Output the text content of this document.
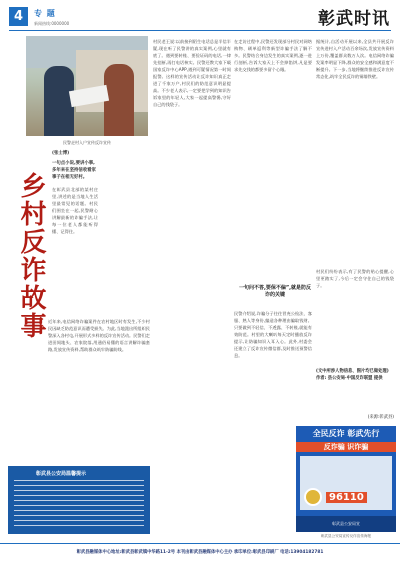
4	专 题
新闻热线:0000000	彰武时讯
民警走村入户宣传反诈宣传
乡村反诈故事
(张士博)
一句点小说,要讲小事,多年来在坚持信收看家事子在相无好村。
在彰武县北部的某村庄里,讲述的是当地人生活里最常见的话题。村民们围坐在一起,民警耐心讲解最新的诈骗手法,让每一位老人都能听得懂、记得住。
近年来,电信网络诈骗案件在农村地区时有发生,不少村民因缺乏防范意识而遭受损失。为此,当地派出所组织民警深入各村屯,开展形式多样的反诈宣传活动。民警们走进田间地头、农家院落,用通俗易懂的语言讲解诈骗套路,发放宣传资料,帮助群众筑牢防骗防线。
村民老王说:以前接到陌生电话总是半信半疑,现在听了民警讲的真实案例,心里就有底了。遇到要转账、要验证码的电话,一律先挂断,再打电话核实。民警还教大家下载国家反诈中心APP,遇到可疑情况第一时间报警。这样的宣传活动让反诈知识真正走进了千家万户,村民们的防范意识明显提高。不少老人表示,一定要把学到的知识告诉家里的年轻人,大家一起提高警惕,守好自己的钱袋子。
在走访过程中,民警还发现部分村民对网络购物、刷单返利等新型诈骗手法了解不多。民警结合身边发生的真实案例,逐一进行剖析,告诉大家天上不会掉馅饼,凡是要求先交钱的都要多留个心眼。
一句问不答,要保不偏”,就是防反诈的关键
民警介绍说,诈骗分子往往冒充公检法、客服、熟人等身份,编造各种理由骗取钱财。只要做到不轻信、不透露、不转账,就能有效防范。村里的大喇叭每天定时播放反诈提示,让防骗知识入耳入心。此外,村委会还建立了反诈宣传微信群,及时推送预警信息。
据统计,自活动开展以来,全县共开展反诈宣传进村入户活动百余场次,发放宣传资料上万份,覆盖群众数万人次。电信网络诈骗发案率明显下降,群众的安全感和满意度不断提升。下一步,当地将继续推进反诈宣传常态化,筑牢全民反诈的铜墙铁壁。
村民们纷纷表示,有了民警的贴心提醒,心里更踏实了,今后一定会守住自己的钱袋子。
(文中所涉人物信息、图片均已做处理)
作者: 县公安局·中国反诈联盟 提供
(来源:彰武县)
彰武县公安局温馨提示
全民反诈 彰武先行
反诈骗 识诈骗
96110
彰武县公安局宣
彰武县公安局宣传反诈宣传海报
彰武县融媒体中心地址:彰武县彰武镇中华路11-2号 本刊由彰武县融媒体中心主办 承印单位:彰武县印刷厂 电话:13904182781
